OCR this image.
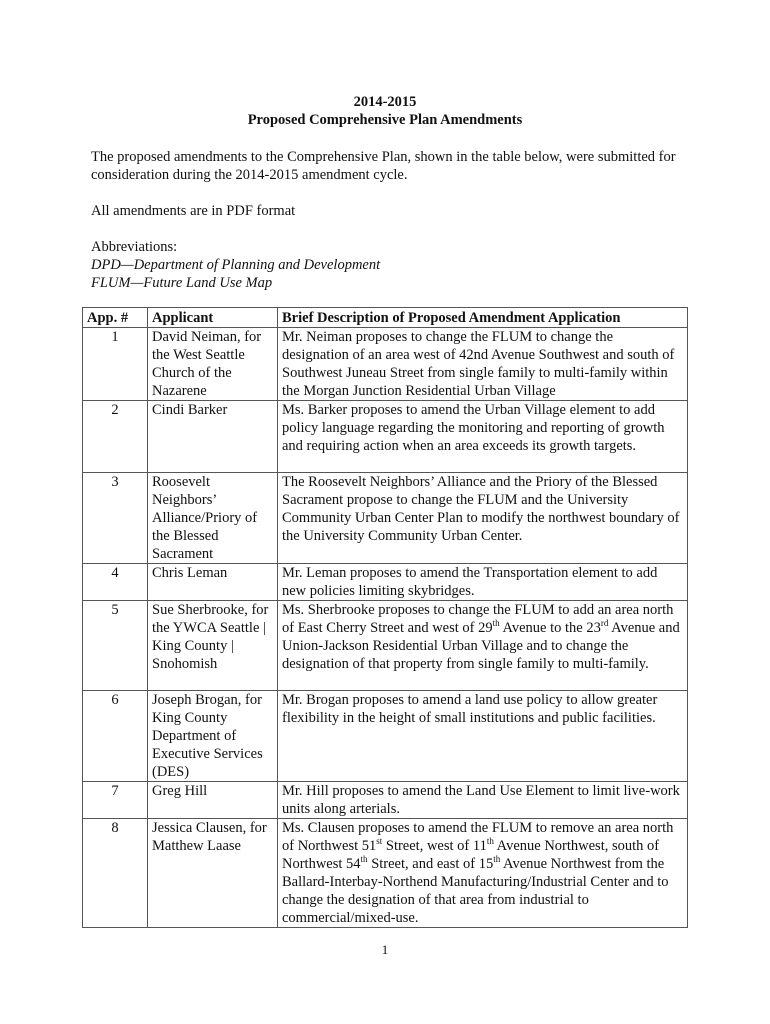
2014-2015
Proposed Comprehensive Plan Amendments

The proposed amendments to the Comprehensive Plan, shown in the table below, were submitted for consideration during the 2014-2015 amendment cycle.

All amendments are in PDF format

Abbreviations:

DPD—Department of Planning and Development

FLUM—Future Land Use Map

App. #	Applicant	Brief Description of Proposed Amendment Application
1	David Neiman, for the West Seattle Church of the Nazarene	Mr. Neiman proposes to change the FLUM to change the designation of an area west of 42nd Avenue Southwest and south of Southwest Juneau Street from single family to multi-family within the Morgan Junction Residential Urban Village
2	Cindi Barker	Ms. Barker proposes to amend the Urban Village element to add policy language regarding the monitoring and reporting of growth and requiring action when an area exceeds its growth targets.
3	Roosevelt Neighbors’ Alliance/Priory of the Blessed Sacrament	The Roosevelt Neighbors’ Alliance and the Priory of the Blessed Sacrament propose to change the FLUM and the University Community Urban Center Plan to modify the northwest boundary of the University Community Urban Center.
4	Chris Leman	Mr. Leman proposes to amend the Transportation element to add new policies limiting skybridges.
5	Sue Sherbrooke, for the YWCA Seattle | King County | Snohomish	Ms. Sherbrooke proposes to change the FLUM to add an area north of East Cherry Street and west of 29th Avenue to the 23rd Avenue and Union-Jackson Residential Urban Village and to change the designation of that property from single family to multi-family.
6	Joseph Brogan, for King County Department of Executive Services (DES)	Mr. Brogan proposes to amend a land use policy to allow greater flexibility in the height of small institutions and public facilities.
7	Greg Hill	Mr. Hill proposes to amend the Land Use Element to limit live-work units along arterials.
8	Jessica Clausen, for Matthew Laase	Ms. Clausen proposes to amend the FLUM to remove an area north of Northwest 51st Street, west of 11th Avenue Northwest, south of Northwest 54th Street, and east of 15th Avenue Northwest from the Ballard-Interbay-Northend Manufacturing/Industrial Center and to change the designation of that area from industrial to commercial/mixed-use.
1
